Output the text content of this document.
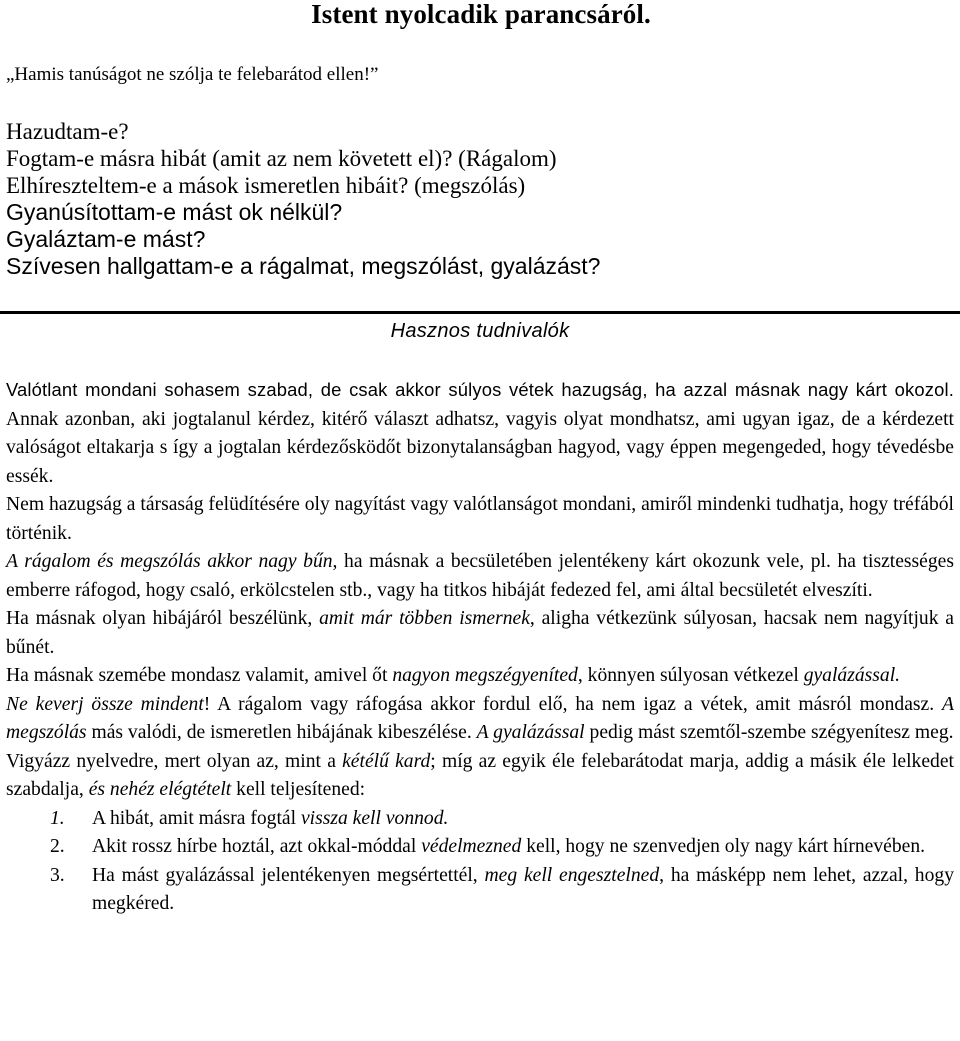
Istent nyolcadik parancsáról.
„Hamis tanúságot ne szólja te felebarátod ellen!”
Hazudtam-e?
Fogtam-e másra hibát (amit az nem követett el)? (Rágalom)
Elhíreszteltem-e a mások ismeretlen hibáit? (megszólás)
Gyanúsítottam-e mást ok nélkül?
Gyaláztam-e mást?
Szívesen hallgattam-e a rágalmat, megszólást, gyalázást?
Hasznos tudnivalók

Valótlant mondani sohasem szabad, de csak akkor súlyos vétek hazugság, ha azzal másnak nagy kárt okozol. Annak azonban, aki jogtalanul kérdez, kitérő választ adhatsz, vagyis olyat mondhatsz, ami ugyan igaz, de a kérdezett valóságot eltakarja s így a jogtalan kérdezősködőt bizonytalanságban hagyod, vagy éppen megengeded, hogy tévedésbe essék.

Nem hazugság a társaság felüdítésére oly nagyítást vagy valótlanságot mondani, amiről mindenki tudhatja, hogy tréfából történik.

A rágalom és megszólás akkor nagy bűn, ha másnak a becsületében jelentékeny kárt okozunk vele, pl. ha tisztességes emberre ráfogod, hogy csaló, erkölcstelen stb., vagy ha titkos hibáját fedezed fel, ami által becsületét elveszíti.

Ha másnak olyan hibájáról beszélünk, amit már többen ismernek, aligha vétkezünk súlyosan, hacsak nem nagyítjuk a bűnét.

Ha másnak szemébe mondasz valamit, amivel őt nagyon megszégyeníted, könnyen súlyosan vétkezel gyalázással.

Ne keverj össze mindent! A rágalom vagy ráfogása akkor fordul elő, ha nem igaz a vétek, amit másról mondasz. A megszólás más valódi, de ismeretlen hibájának kibeszélése. A gyalázással pedig mást szemtől-szembe szégyenítesz meg.

Vigyázz nyelvedre, mert olyan az, mint a kétélű kard; míg az egyik éle felebarátodat marja, addig a másik éle lelkedet szabdalja, és nehéz elégtételt kell teljesítened:

1. A hibát, amit másra fogtál vissza kell vonnod.
2. Akit rossz hírbe hoztál, azt okkal-móddal védelmezned kell, hogy ne szenvedjen oly nagy kárt hírnevében.
3. Ha mást gyalázással jelentékenyen megsértettél, meg kell engesztelned, ha másképp nem lehet, azzal, hogy megkéred.
